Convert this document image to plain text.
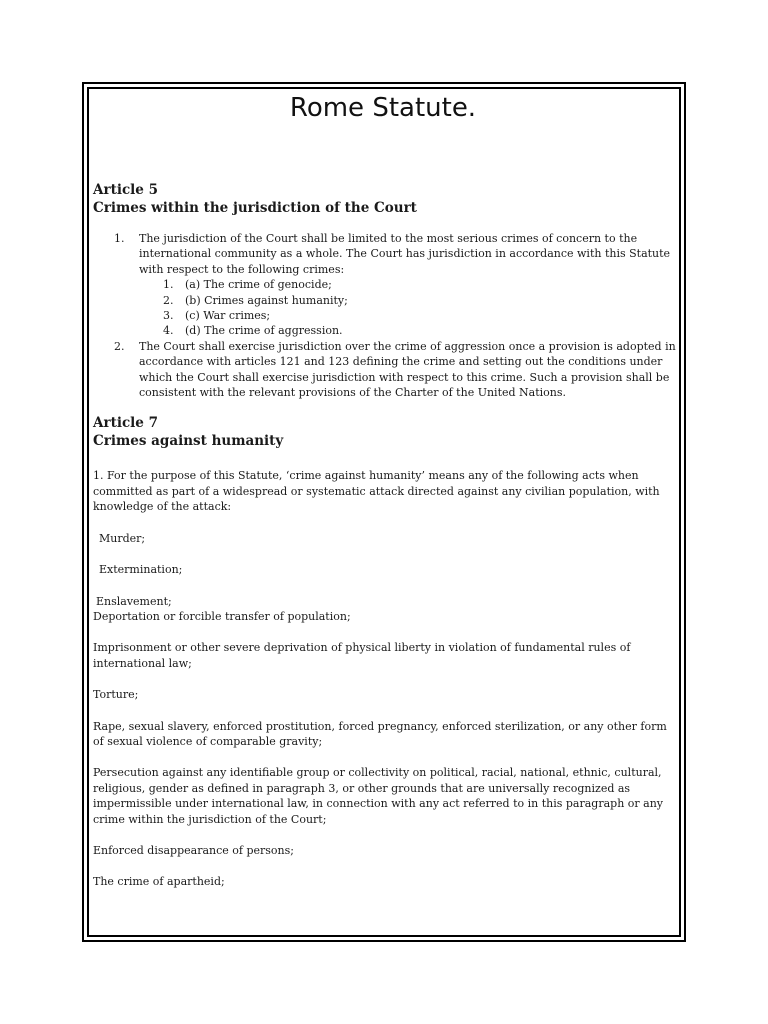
Rome Statute.

Article 5

Crimes within the jurisdiction of the Court

1. The jurisdiction of the Court shall be limited to the most serious crimes of concern to the international community as a whole. The Court has jurisdiction in accordance with this Statute with respect to the following crimes:
1. (a) The crime of genocide;
2. (b) Crimes against humanity;
3. (c) War crimes;
4. (d) The crime of aggression.
2. The Court shall exercise jurisdiction over the crime of aggression once a provision is adopted in accordance with articles 121 and 123 defining the crime and setting out the conditions under which the Court shall exercise jurisdiction with respect to this crime. Such a provision shall be consistent with the relevant provisions of the Charter of the United Nations.

Article 7

Crimes against humanity

1. For the purpose of this Statute, ‘crime against humanity’ means any of the following acts when committed as part of a widespread or systematic attack directed against any civilian population, with knowledge of the attack:

Murder;

Extermination;

Enslavement;

Deportation or forcible transfer of population;

Imprisonment or other severe deprivation of physical liberty in violation of fundamental rules of international law;

Torture;

Rape, sexual slavery, enforced prostitution, forced pregnancy, enforced sterilization, or any other form of sexual violence of comparable gravity;

Persecution against any identifiable group or collectivity on political, racial, national, ethnic, cultural, religious, gender as defined in paragraph 3, or other grounds that are universally recognized as impermissible under international law, in connection with any act referred to in this paragraph or any crime within the jurisdiction of the Court;

Enforced disappearance of persons;

The crime of apartheid;
